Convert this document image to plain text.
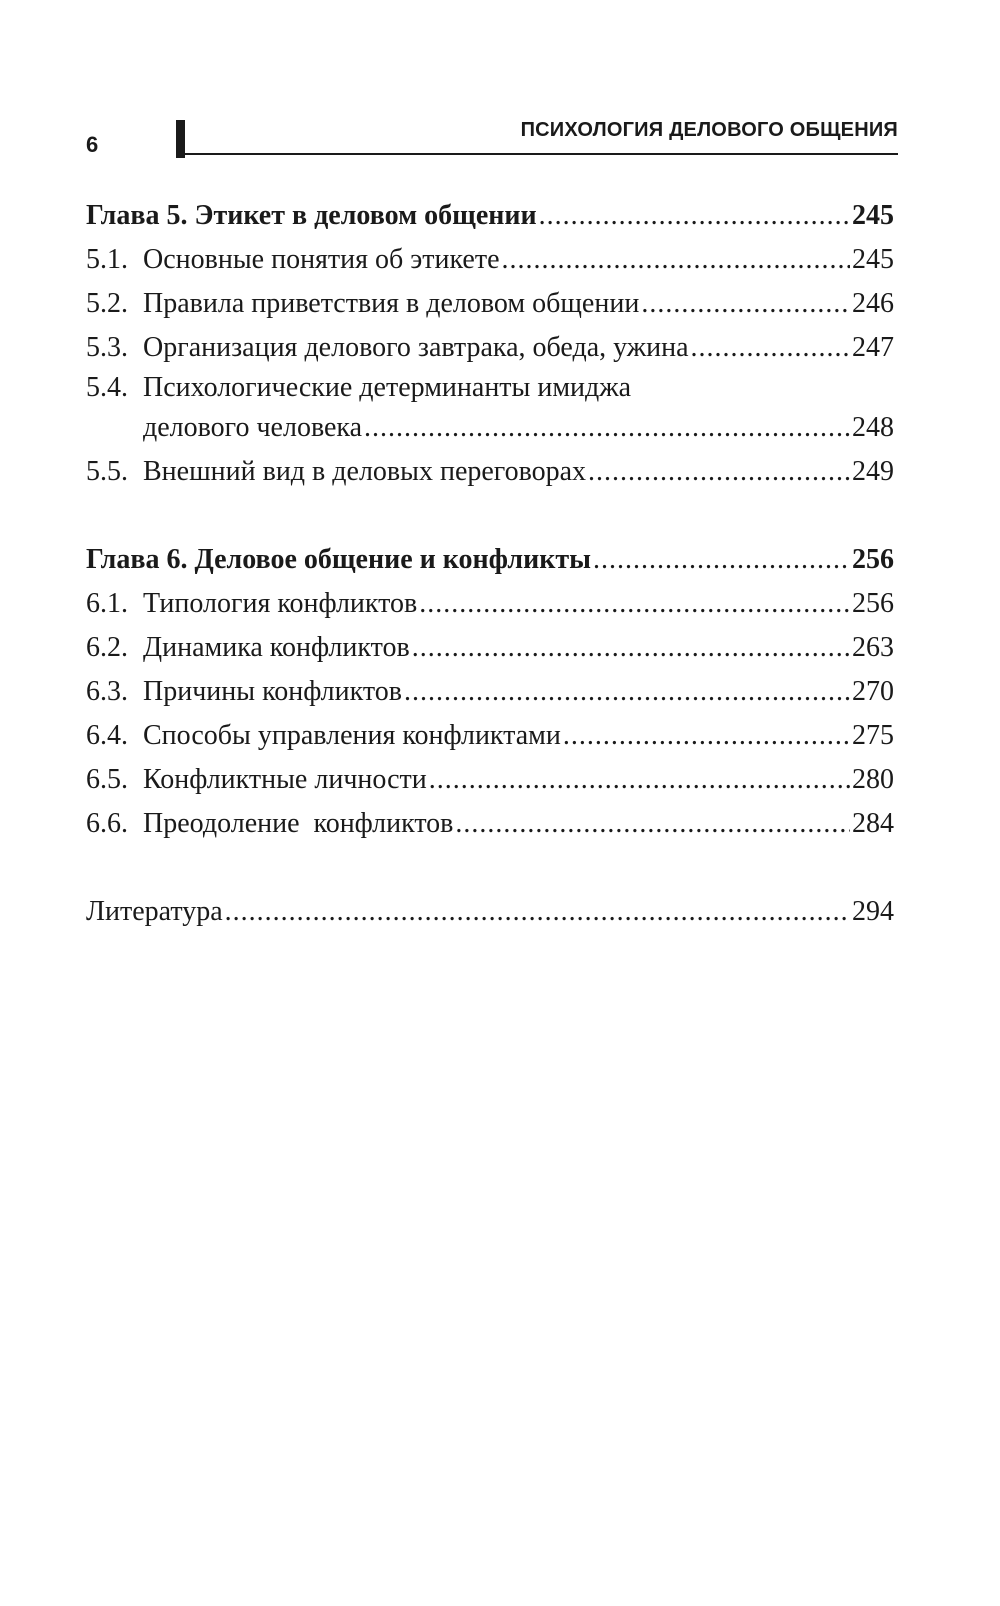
6
ПСИХОЛОГИЯ ДЕЛОВОГО ОБЩЕНИЯ
Глава 5. Этикет в деловом общении .....	245
5.1. Основные понятия об этикете .....	245
5.2. Правила приветствия в деловом общении .....	246
5.3. Организация делового завтрака, обеда, ужина .....	247
5.4. Психологические детерминанты имиджа
делового человека .....	248
5.5. Внешний вид в деловых переговорах .....	249
Глава 6. Деловое общение и конфликты .....	256
6.1. Типология конфликтов .....	256
6.2. Динамика конфликтов .....	263
6.3. Причины конфликтов .....	270
6.4. Способы управления конфликтами .....	275
6.5. Конфликтные личности .....	280
6.6. Преодоление  конфликтов .....	284
Литература .....	294
